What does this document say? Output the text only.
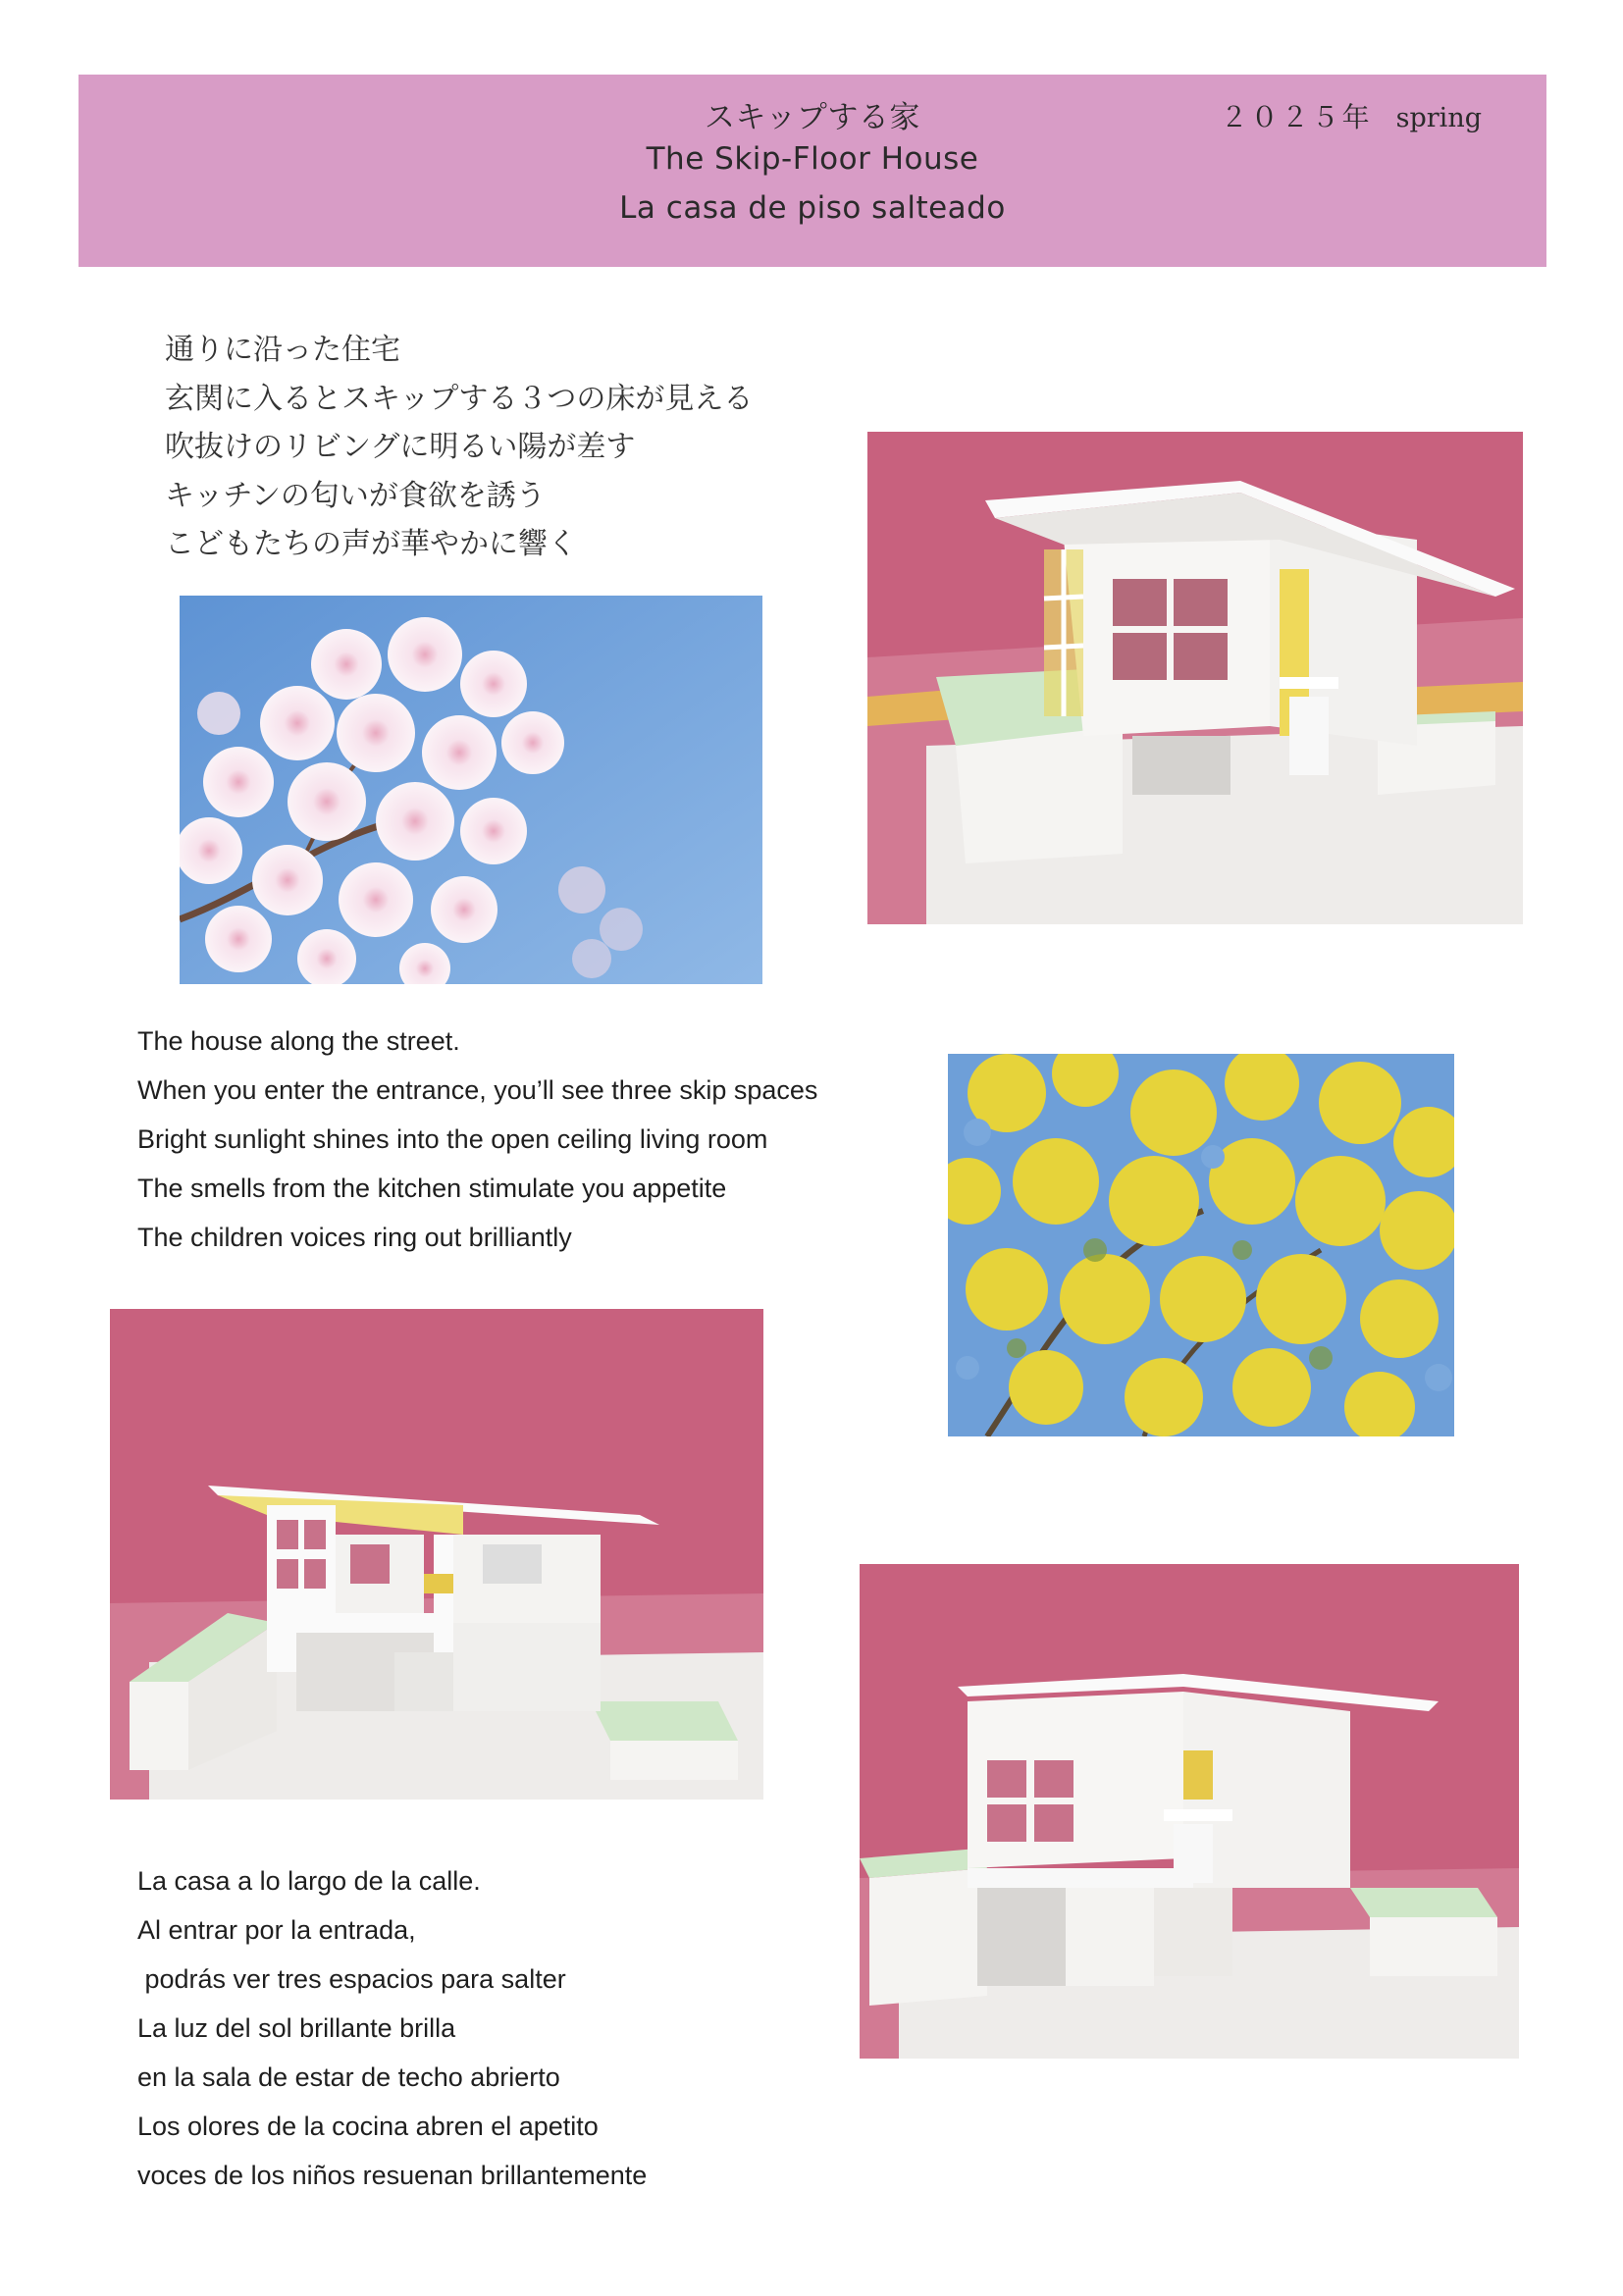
スキップする家
The Skip-Floor House
La casa de piso salteado
２０２５年 spring

通りに沿った住宅

玄関に入るとスキップする３つの床が見える

吹抜けのリビングに明るい陽が差す

キッチンの匂いが食欲を誘う

こどもたちの声が華やかに響く

The house along the street.

When you enter the entrance, you’ll see three skip spaces

Bright sunlight shines into the open ceiling living room

The smells from the kitchen stimulate you appetite

The children voices ring out brilliantly

La casa a lo largo de la calle.

Al entrar por la entrada,

podrás ver tres espacios para salter

La luz del sol brillante brilla

en la sala de estar de techo abrierto

Los olores de la cocina abren el apetito

voces de los niños resuenan brillantemente
